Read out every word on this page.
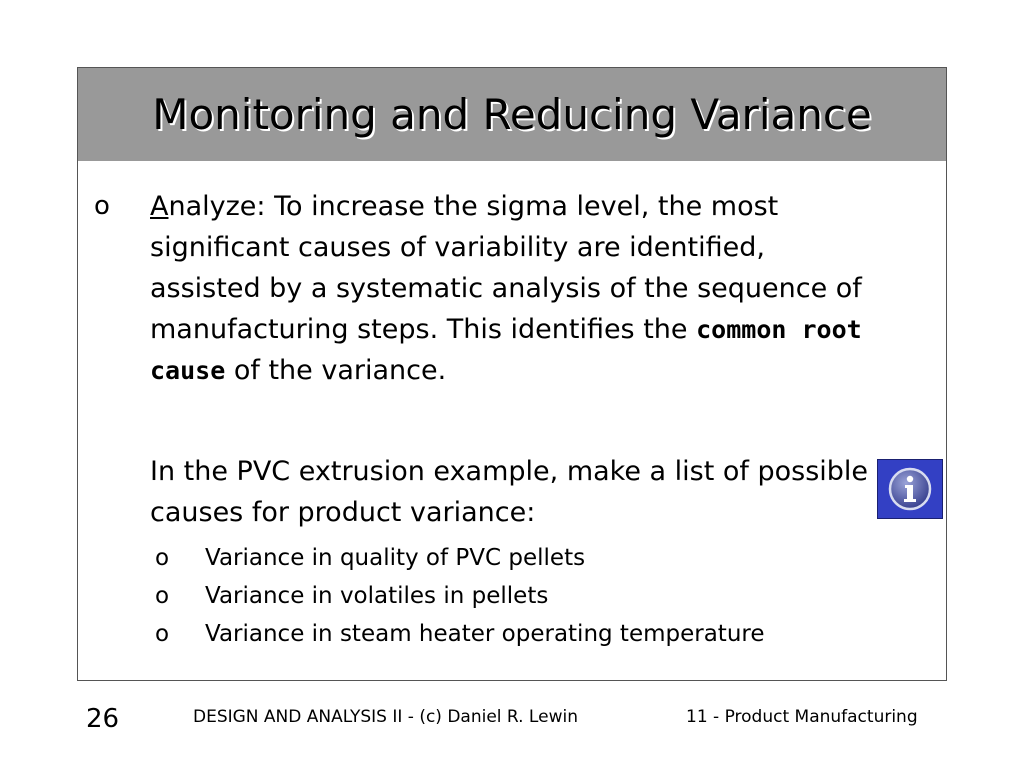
Monitoring and Reducing Variance
o Analyze: To increase the sigma level, the most significant causes of variability are identified, assisted by a systematic analysis of the sequence of manufacturing steps. This identifies the common root cause of the variance.
In the PVC extrusion example, make a list of possible causes for product variance:
o Variance in quality of PVC pellets
o Variance in volatiles in pellets
o Variance in steam heater operating temperature
26	DESIGN AND ANALYSIS II - (c) Daniel R. Lewin	11 - Product Manufacturing
